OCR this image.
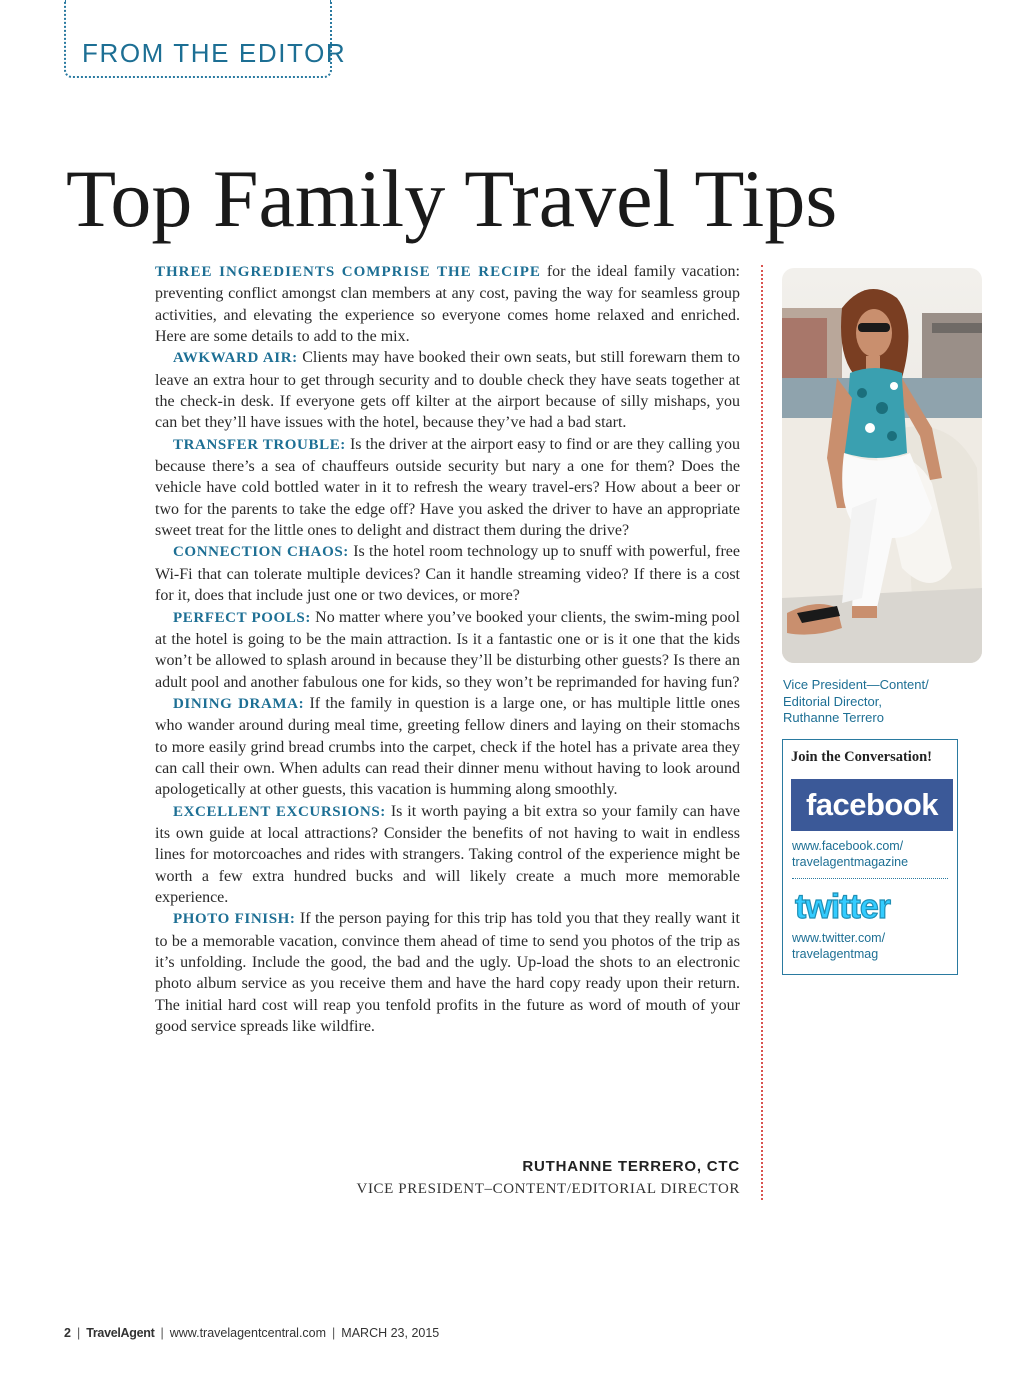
FROM THE EDITOR
Top Family Travel Tips

THREE INGREDIENTS COMPRISE THE RECIPE for the ideal family vacation: preventing conflict amongst clan members at any cost, paving the way for seamless group activities, and elevating the experience so everyone comes home relaxed and enriched. Here are some details to add to the mix.

AWKWARD AIR: Clients may have booked their own seats, but still forewarn them to leave an extra hour to get through security and to double check they have seats together at the check-in desk. If everyone gets off kilter at the airport because of silly mishaps, you can bet they’ll have issues with the hotel, because they’ve had a bad start.

TRANSFER TROUBLE: Is the driver at the airport easy to find or are they calling you because there’s a sea of chauffeurs outside security but nary a one for them? Does the vehicle have cold bottled water in it to refresh the weary travel-ers? How about a beer or two for the parents to take the edge off? Have you asked the driver to have an appropriate sweet treat for the little ones to delight and distract them during the drive?

CONNECTION CHAOS: Is the hotel room technology up to snuff with powerful, free Wi-Fi that can tolerate multiple devices? Can it handle streaming video? If there is a cost for it, does that include just one or two devices, or more?

PERFECT POOLS: No matter where you’ve booked your clients, the swim-ming pool at the hotel is going to be the main attraction. Is it a fantastic one or is it one that the kids won’t be allowed to splash around in because they’ll be disturbing other guests? Is there an adult pool and another fabulous one for kids, so they won’t be reprimanded for having fun?

DINING DRAMA: If the family in question is a large one, or has multiple little ones who wander around during meal time, greeting fellow diners and laying on their stomachs to more easily grind bread crumbs into the carpet, check if the hotel has a private area they can call their own. When adults can read their dinner menu without having to look around apologetically at other guests, this vacation is humming along smoothly.

EXCELLENT EXCURSIONS: Is it worth paying a bit extra so your family can have its own guide at local attractions? Consider the benefits of not having to wait in endless lines for motorcoaches and rides with strangers. Taking control of the experience might be worth a few extra hundred bucks and will likely create a much more memorable experience.

PHOTO FINISH: If the person paying for this trip has told you that they really want it to be a memorable vacation, convince them ahead of time to send you photos of the trip as it’s unfolding. Include the good, the bad and the ugly. Up-load the shots to an electronic photo album service as you receive them and have the hard copy ready upon their return. The initial hard cost will reap you tenfold profits in the future as word of mouth of your good service spreads like wildfire.

RUTHANNE TERRERO, CTC
VICE PRESIDENT–CONTENT/EDITORIAL DIRECTOR
Vice President—Content/
Editorial Director,
Ruthanne Terrero
Join the Conversation!
facebook
www.facebook.com/
travelagentmagazine
twitter
www.twitter.com/
travelagentmag
2 | TravelAgent | www.travelagentcentral.com | MARCH 23, 2015
